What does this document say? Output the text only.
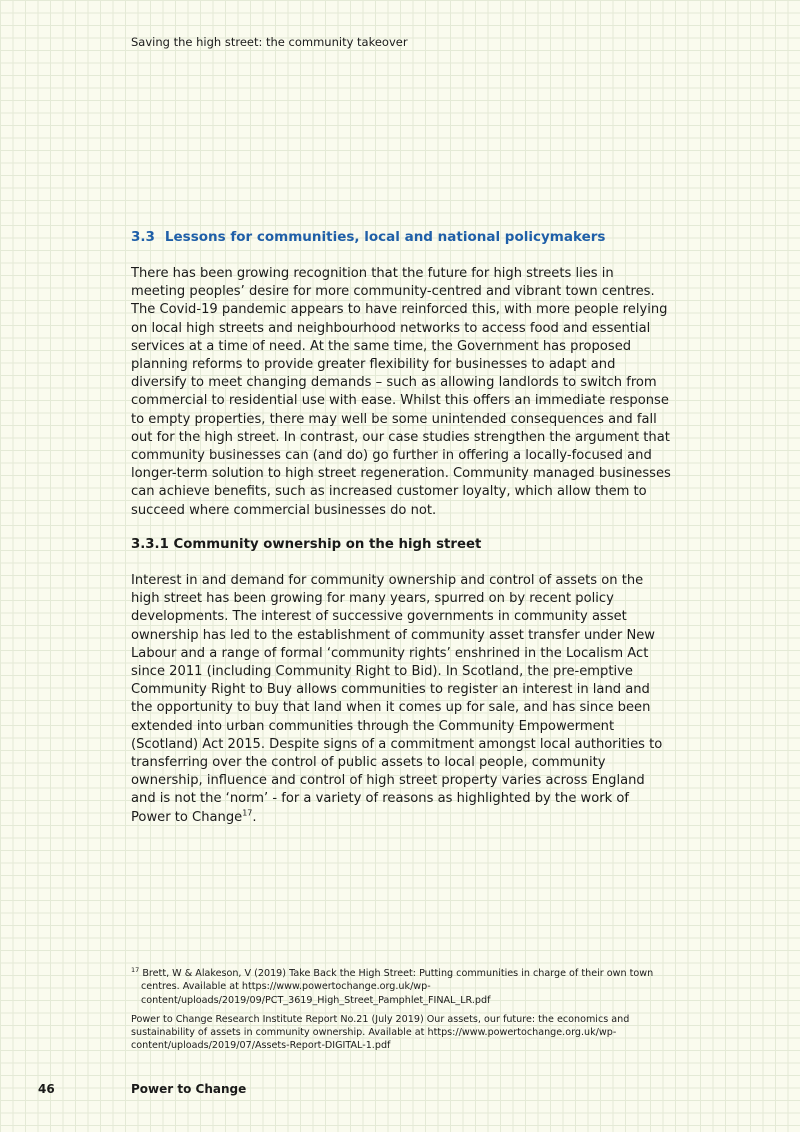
Saving the high street: the community takeover
3.3 Lessons for communities, local and national policymakers

There has been growing recognition that the future for high streets lies in meeting peoples’ desire for more community-centred and vibrant town centres. The Covid-19 pandemic appears to have reinforced this, with more people relying on local high streets and neighbourhood networks to access food and essential services at a time of need. At the same time, the Government has proposed planning reforms to provide greater flexibility for businesses to adapt and diversify to meet changing demands – such as allowing landlords to switch from commercial to residential use with ease. Whilst this offers an immediate response to empty properties, there may well be some unintended consequences and fall out for the high street. In contrast, our case studies strengthen the argument that community businesses can (and do) go further in offering a locally-focused and longer-term solution to high street regeneration. Community managed businesses can achieve benefits, such as increased customer loyalty, which allow them to succeed where commercial businesses do not.

3.3.1 Community ownership on the high street

Interest in and demand for community ownership and control of assets on the high street has been growing for many years, spurred on by recent policy developments. The interest of successive governments in community asset ownership has led to the establishment of community asset transfer under New Labour and a range of formal ‘community rights’ enshrined in the Localism Act since 2011 (including Community Right to Bid). In Scotland, the pre-emptive Community Right to Buy allows communities to register an interest in land and the opportunity to buy that land when it comes up for sale, and has since been extended into urban communities through the Community Empowerment (Scotland) Act 2015. Despite signs of a commitment amongst local authorities to transferring over the control of public assets to local people, community ownership, influence and control of high street property varies across England and is not the ‘norm’ - for a variety of reasons as highlighted by the work of Power to Change$^{17}$.

$^{17}$ Brett, W & Alakeson, V (2019) Take Back the High Street: Putting communities in charge of their own town centres. Available at https://www.powertochange.org.uk/wp-content/uploads/2019/09/PCT_3619_High_Street_Pamphlet_FINAL_LR.pdf

Power to Change Research Institute Report No.21 (July 2019) Our assets, our future: the economics and sustainability of assets in community ownership. Available at https://www.powertochange.org.uk/wp-content/uploads/2019/07/Assets-Report-DIGITAL-1.pdf

46	Power to Change
